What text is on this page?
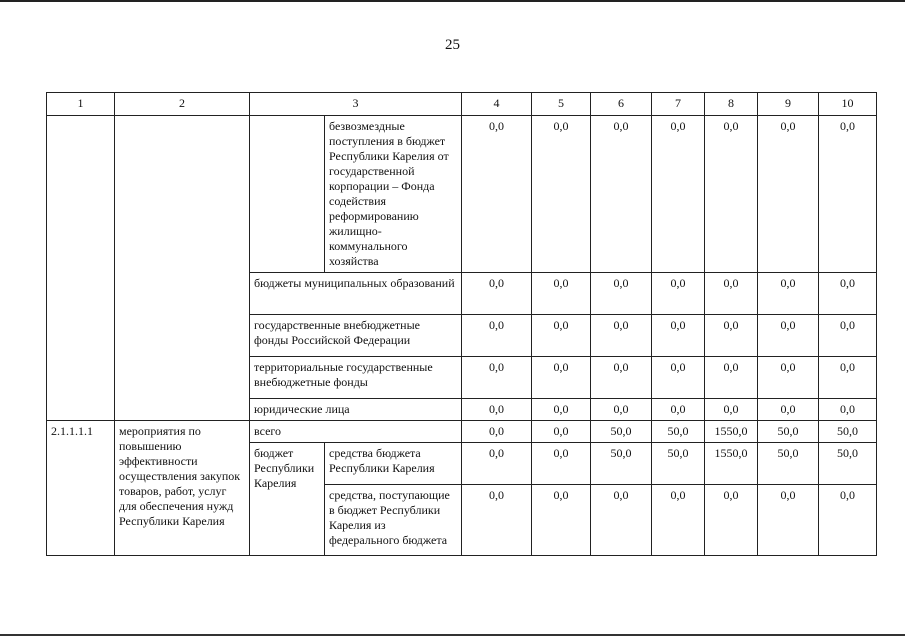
25
1	2	3		4	5	6	7	8	9	10
			безвозмездные поступления в бюджет Республики Карелия от государственной корпорации – Фонда содействия реформированию жилищно-коммунального хозяйства	0,0	0,0	0,0	0,0	0,0	0,0	0,0
		бюджеты муниципальных образований		0,0	0,0	0,0	0,0	0,0	0,0	0,0
		государственные внебюджетные фонды Российской Федерации		0,0	0,0	0,0	0,0	0,0	0,0	0,0
		территориальные государственные внебюджетные фонды		0,0	0,0	0,0	0,0	0,0	0,0	0,0
		юридические лица		0,0	0,0	0,0	0,0	0,0	0,0	0,0
2.1.1.1.1	мероприятия по повышению эффективности осуществления закупок товаров, работ, услуг для обеспечения нужд Республики Карелия	всего		0,0	0,0	50,0	50,0	1550,0	50,0	50,0
		бюджет Республики Карелия	средства бюджета Республики Карелия	0,0	0,0	50,0	50,0	1550,0	50,0	50,0
			средства, поступающие в бюджет Республики Карелия из федерального бюджета	0,0	0,0	0,0	0,0	0,0	0,0	0,0
